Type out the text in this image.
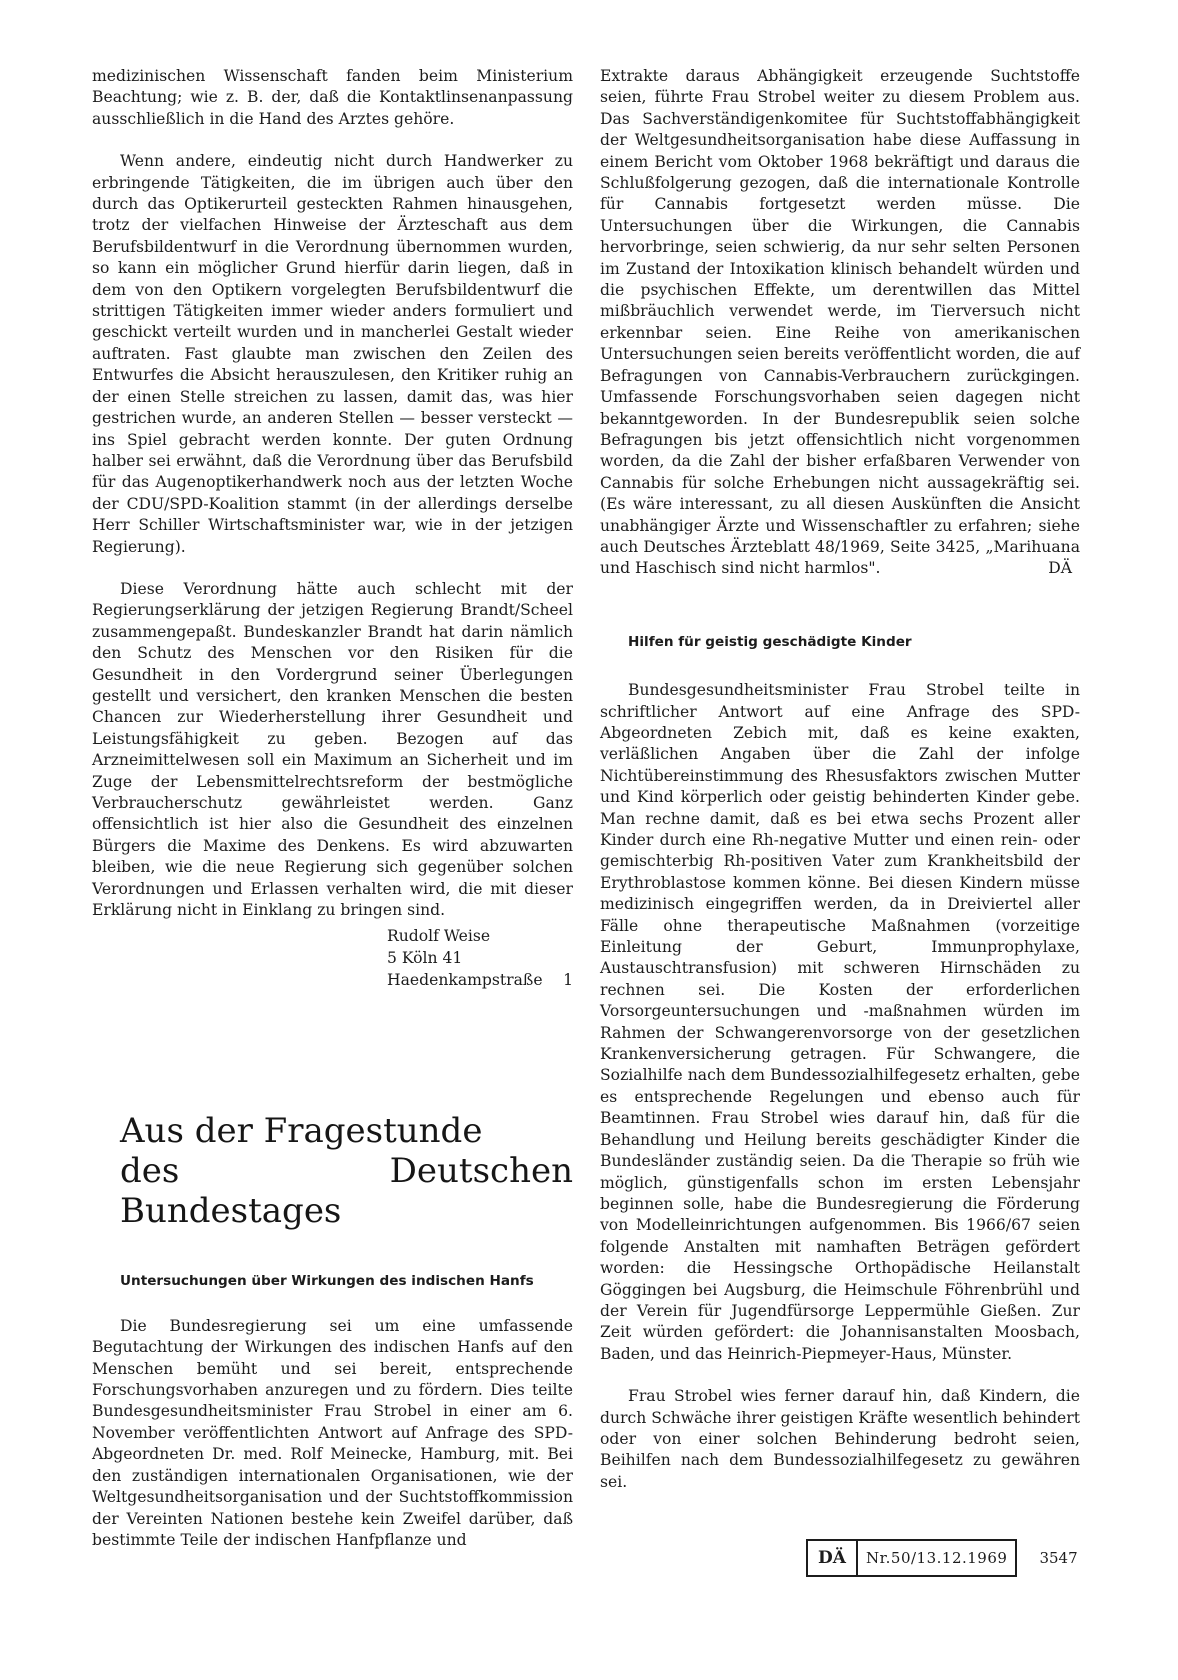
medizinischen Wissenschaft fanden beim Ministerium Beachtung; wie z. B. der, daß die Kontaktlinsenanpassung ausschließlich in die Hand des Arztes gehöre.

Wenn andere, eindeutig nicht durch Handwerker zu erbringende Tätigkeiten, die im übrigen auch über den durch das Optikerurteil gesteckten Rahmen hinausgehen, trotz der vielfachen Hinweise der Ärzteschaft aus dem Berufsbildentwurf in die Verordnung übernommen wurden, so kann ein möglicher Grund hierfür darin liegen, daß in dem von den Optikern vorgelegten Berufsbildentwurf die strittigen Tätigkeiten immer wieder anders formuliert und geschickt verteilt wurden und in mancherlei Gestalt wieder auftraten. Fast glaubte man zwischen den Zeilen des Entwurfes die Absicht herauszulesen, den Kritiker ruhig an der einen Stelle streichen zu lassen, damit das, was hier gestrichen wurde, an anderen Stellen — besser versteckt — ins Spiel gebracht werden konnte. Der guten Ordnung halber sei erwähnt, daß die Verordnung über das Berufsbild für das Augenoptikerhandwerk noch aus der letzten Woche der CDU/SPD-Koalition stammt (in der allerdings derselbe Herr Schiller Wirtschaftsminister war, wie in der jetzigen Regierung).

Diese Verordnung hätte auch schlecht mit der Regierungserklärung der jetzigen Regierung Brandt/Scheel zusammengepaßt. Bundeskanzler Brandt hat darin nämlich den Schutz des Menschen vor den Risiken für die Gesundheit in den Vordergrund seiner Überlegungen gestellt und versichert, den kranken Menschen die besten Chancen zur Wiederherstellung ihrer Gesundheit und Leistungsfähigkeit zu geben. Bezogen auf das Arzneimittelwesen soll ein Maximum an Sicherheit und im Zuge der Lebensmittelrechtsreform der bestmögliche Verbraucherschutz gewährleistet werden. Ganz offensichtlich ist hier also die Gesundheit des einzelnen Bürgers die Maxime des Denkens. Es wird abzuwarten bleiben, wie die neue Regierung sich gegenüber solchen Verordnungen und Erlassen verhalten wird, die mit dieser Erklärung nicht in Einklang zu bringen sind.

Rudolf Weise
5 Köln 41
Haedenkampstraße 1
Aus der Fragestunde
des Deutschen Bundestages
Untersuchungen über Wirkungen des indischen Hanfs

Die Bundesregierung sei um eine umfassende Begutachtung der Wirkungen des indischen Hanfs auf den Menschen bemüht und sei bereit, entsprechende Forschungsvorhaben anzuregen und zu fördern. Dies teilte Bundesgesundheitsminister Frau Strobel in einer am 6. November veröffentlichten Antwort auf Anfrage des SPD-Abgeordneten Dr. med. Rolf Meinecke, Hamburg, mit. Bei den zuständigen internationalen Organisationen, wie der Weltgesundheitsorganisation und der Suchtstoffkommission der Vereinten Nationen bestehe kein Zweifel darüber, daß bestimmte Teile der indischen Hanfpflanze und

Extrakte daraus Abhängigkeit erzeugende Suchtstoffe seien, führte Frau Strobel weiter zu diesem Problem aus. Das Sachverständigenkomitee für Suchtstoffabhängigkeit der Weltgesundheitsorganisation habe diese Auffassung in einem Bericht vom Oktober 1968 bekräftigt und daraus die Schlußfolgerung gezogen, daß die internationale Kontrolle für Cannabis fortgesetzt werden müsse. Die Untersuchungen über die Wirkungen, die Cannabis hervorbringe, seien schwierig, da nur sehr selten Personen im Zustand der Intoxikation klinisch behandelt würden und die psychischen Effekte, um derentwillen das Mittel mißbräuchlich verwendet werde, im Tierversuch nicht erkennbar seien. Eine Reihe von amerikanischen Untersuchungen seien bereits veröffentlicht worden, die auf Befragungen von Cannabis-Verbrauchern zurückgingen. Umfassende Forschungsvorhaben seien dagegen nicht bekanntgeworden. In der Bundesrepublik seien solche Befragungen bis jetzt offensichtlich nicht vorgenommen worden, da die Zahl der bisher erfaßbaren Verwender von Cannabis für solche Erhebungen nicht aussagekräftig sei. (Es wäre interessant, zu all diesen Auskünften die Ansicht unabhängiger Ärzte und Wissenschaftler zu erfahren; siehe auch Deutsches Ärzteblatt 48/1969, Seite 3425, „Marihuana und Haschisch sind nicht harmlos".	DÄ

Hilfen für geistig geschädigte Kinder

Bundesgesundheitsminister Frau Strobel teilte in schriftlicher Antwort auf eine Anfrage des SPD-Abgeordneten Zebich mit, daß es keine exakten, verläßlichen Angaben über die Zahl der infolge Nichtübereinstimmung des Rhesusfaktors zwischen Mutter und Kind körperlich oder geistig behinderten Kinder gebe. Man rechne damit, daß es bei etwa sechs Prozent aller Kinder durch eine Rh-negative Mutter und einen rein- oder gemischterbig Rh-positiven Vater zum Krankheitsbild der Erythroblastose kommen könne. Bei diesen Kindern müsse medizinisch eingegriffen werden, da in Dreiviertel aller Fälle ohne therapeutische Maßnahmen (vorzeitige Einleitung der Geburt, Immunprophylaxe, Austauschtransfusion) mit schweren Hirnschäden zu rechnen sei. Die Kosten der erforderlichen Vorsorgeuntersuchungen und -maßnahmen würden im Rahmen der Schwangerenvorsorge von der gesetzlichen Krankenversicherung getragen. Für Schwangere, die Sozialhilfe nach dem Bundessozialhilfegesetz erhalten, gebe es entsprechende Regelungen und ebenso auch für Beamtinnen. Frau Strobel wies darauf hin, daß für die Behandlung und Heilung bereits geschädigter Kinder die Bundesländer zuständig seien. Da die Therapie so früh wie möglich, günstigenfalls schon im ersten Lebensjahr beginnen solle, habe die Bundesregierung die Förderung von Modelleinrichtungen aufgenommen. Bis 1966/67 seien folgende Anstalten mit namhaften Beträgen gefördert worden: die Hessingsche Orthopädische Heilanstalt Göggingen bei Augsburg, die Heimschule Föhrenbrühl und der Verein für Jugendfürsorge Leppermühle Gießen. Zur Zeit würden gefördert: die Johannisanstalten Moosbach, Baden, und das Heinrich-Piepmeyer-Haus, Münster.

Frau Strobel wies ferner darauf hin, daß Kindern, die durch Schwäche ihrer geistigen Kräfte wesentlich behindert oder von einer solchen Behinderung bedroht seien, Beihilfen nach dem Bundessozialhilfegesetz zu gewähren sei.

DÄ	Nr.50/13.12.1969	3547
